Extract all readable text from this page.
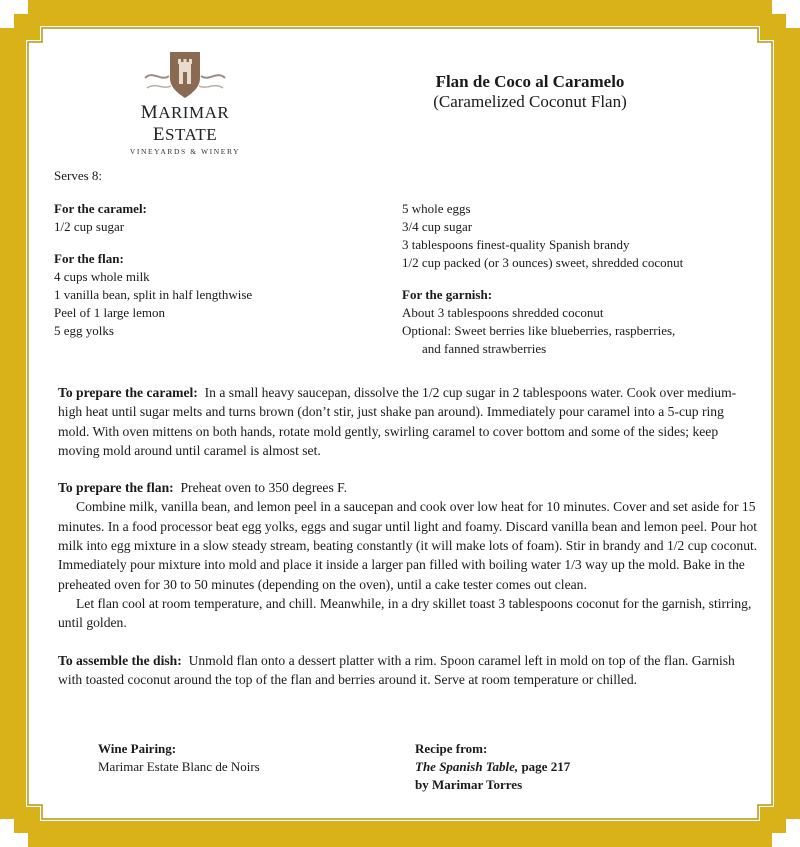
MARIMAR ESTATE
VINEYARDS & WINERY
Flan de Coco al Caramelo
(Caramelized Coconut Flan)
Serves 8:
For the caramel:
1/2 cup sugar
For the flan:
4 cups whole milk
1 vanilla bean, split in half lengthwise
Peel of 1 large lemon
5 egg yolks
5 whole eggs
3/4 cup sugar
3 tablespoons finest-quality Spanish brandy
1/2 cup packed (or 3 ounces) sweet, shredded coconut
For the garnish:
About 3 tablespoons shredded coconut
Optional: Sweet berries like blueberries, raspberries,
and fanned strawberries

To prepare the caramel: In a small heavy saucepan, dissolve the 1/2 cup sugar in 2 tablespoons water. Cook over medium-high heat until sugar melts and turns brown (don’t stir, just shake pan around). Immediately pour caramel into a 5-cup ring mold. With oven mittens on both hands, rotate mold gently, swirling caramel to cover bottom and some of the sides; keep moving mold around until caramel is almost set.

To prepare the flan: Preheat oven to 350 degrees F.

Combine milk, vanilla bean, and lemon peel in a saucepan and cook over low heat for 10 minutes. Cover and set aside for 15 minutes. In a food processor beat egg yolks, eggs and sugar until light and foamy. Discard vanilla bean and lemon peel. Pour hot milk into egg mixture in a slow steady stream, beating constantly (it will make lots of foam). Stir in brandy and 1/2 cup coconut. Immediately pour mixture into mold and place it inside a larger pan filled with boiling water 1/3 way up the mold. Bake in the preheated oven for 30 to 50 minutes (depending on the oven), until a cake tester comes out clean.

Let flan cool at room temperature, and chill. Meanwhile, in a dry skillet toast 3 tablespoons coconut for the garnish, stirring, until golden.

To assemble the dish: Unmold flan onto a dessert platter with a rim. Spoon caramel left in mold on top of the flan. Garnish with toasted coconut around the top of the flan and berries around it. Serve at room temperature or chilled.

Wine Pairing:
Marimar Estate Blanc de Noirs
Recipe from:
The Spanish Table, page 217
by Marimar Torres
